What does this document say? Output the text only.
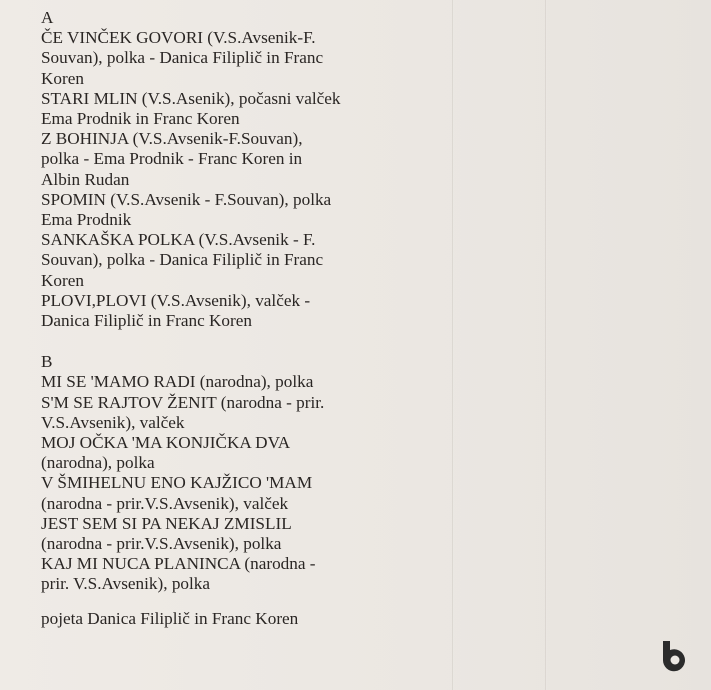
A
ČE VINČEK GOVORI (V.S.Avsenik-F.
Souvan), polka - Danica Filiplič in Franc
Koren
STARI MLIN (V.S.Asenik), počasni valček
Ema Prodnik in Franc Koren
Z BOHINJA (V.S.Avsenik-F.Souvan),
polka - Ema Prodnik - Franc Koren in
Albin Rudan
SPOMIN (V.S.Avsenik - F.Souvan), polka
Ema Prodnik
SANKAŠKA POLKA (V.S.Avsenik - F.
Souvan), polka - Danica Filiplič in Franc
Koren
PLOVI,PLOVI (V.S.Avsenik), valček -
Danica Filiplič in Franc Koren
B
MI SE 'MAMO RADI (narodna), polka
S'M SE RAJTOV ŽENIT (narodna - prir.
V.S.Avsenik), valček
MOJ OČKA 'MA KONJIČKA DVA
(narodna), polka
V ŠMIHELNU ENO KAJŽICO 'MAM
(narodna - prir.V.S.Avsenik), valček
JEST SEM SI PA NEKAJ ZMISLIL
(narodna - prir.V.S.Avsenik), polka
KAJ MI NUCA PLANINCA (narodna -
prir. V.S.Avsenik), polka
pojeta Danica Filiplič in Franc Koren
